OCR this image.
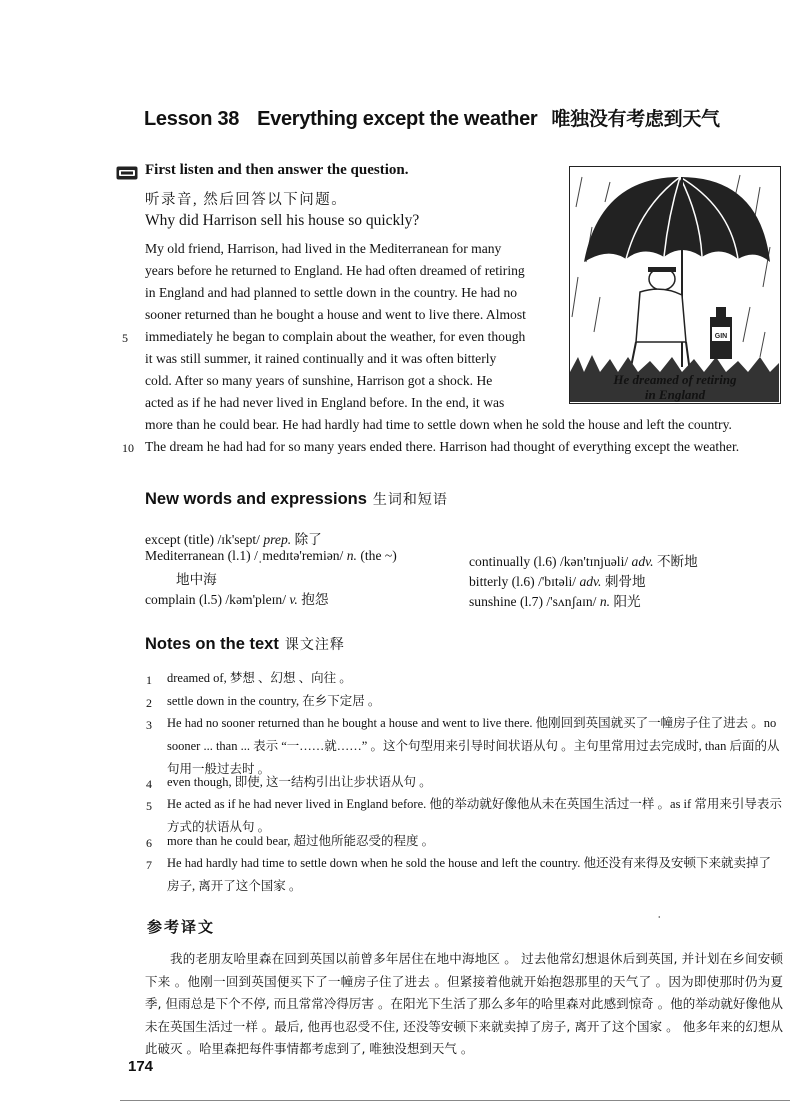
Lesson 38 Everything except the weather 唯独没有考虑到天气
First listen and then answer the question.
听录音, 然后回答以下问题。
Why did Harrison sell his house so quickly?
My old friend, Harrison, had lived in the Mediterranean for many
years before he returned to England. He had often dreamed of retiring
in England and had planned to settle down in the country. He had no
sooner returned than he bought a house and went to live there. Almost
5 immediately he began to complain about the weather, for even though
it was still summer, it rained continually and it was often bitterly
cold. After so many years of sunshine, Harrison got a shock. He
acted as if he had never lived in England before. In the end, it was
more than he could bear. He had hardly had time to settle down when he sold the house and left the country.
10 The dream he had had for so many years ended there. Harrison had thought of everything except the weather.
GIN
He dreamed of retiring
in England
New words and expressions 生词和短语
except (title) /ɪk'sept/ prep. 除了
Mediterranean (l.1) /ˌmedɪtə'remiən/ n. (the ~)
地中海
complain (l.5) /kəm'pleɪn/ v. 抱怨
continually (l.6) /kən'tɪnjuəli/ adv. 不断地
bitterly (l.6) /'bɪtəli/ adv. 刺骨地
sunshine (l.7) /'sʌnʃaɪn/ n. 阳光
Notes on the text 课文注释
1 dreamed of, 梦想 、幻想 、向往 。
2 settle down in the country, 在乡下定居 。
3 He had no sooner returned than he bought a house and went to live there. 他刚回到英国就买了一幢房子住了进去 。no sooner ... than ... 表示 “一……就……” 。这个句型用来引导时间状语从句 。主句里常用过去完成时, than 后面的从句用一般过去时 。
4 even though, 即使, 这一结构引出让步状语从句 。
5 He acted as if he had never lived in England before. 他的举动就好像他从未在英国生活过一样 。as if 常用来引导表示方式的状语从句 。
6 more than he could bear, 超过他所能忍受的程度 。
7 He had hardly had time to settle down when he sold the house and left the country. 他还没有来得及安顿下来就卖掉了房子, 离开了这个国家 。
参考译文	ˈ
我的老朋友哈里森在回到英国以前曾多年居住在地中海地区 。 过去他常幻想退休后到英国, 并计划在乡间安顿下来 。他刚一回到英国便买下了一幢房子住了进去 。但紧接着他就开始抱怨那里的天气了 。因为即使那时仍为夏季, 但雨总是下个不停, 而且常常冷得厉害 。在阳光下生活了那么多年的哈里森对此感到惊奇 。他的举动就好像他从未在英国生活过一样 。最后, 他再也忍受不住, 还没等安顿下来就卖掉了房子, 离开了这个国家 。 他多年来的幻想从此破灭 。哈里森把每件事情都考虑到了, 唯独没想到天气 。
174
